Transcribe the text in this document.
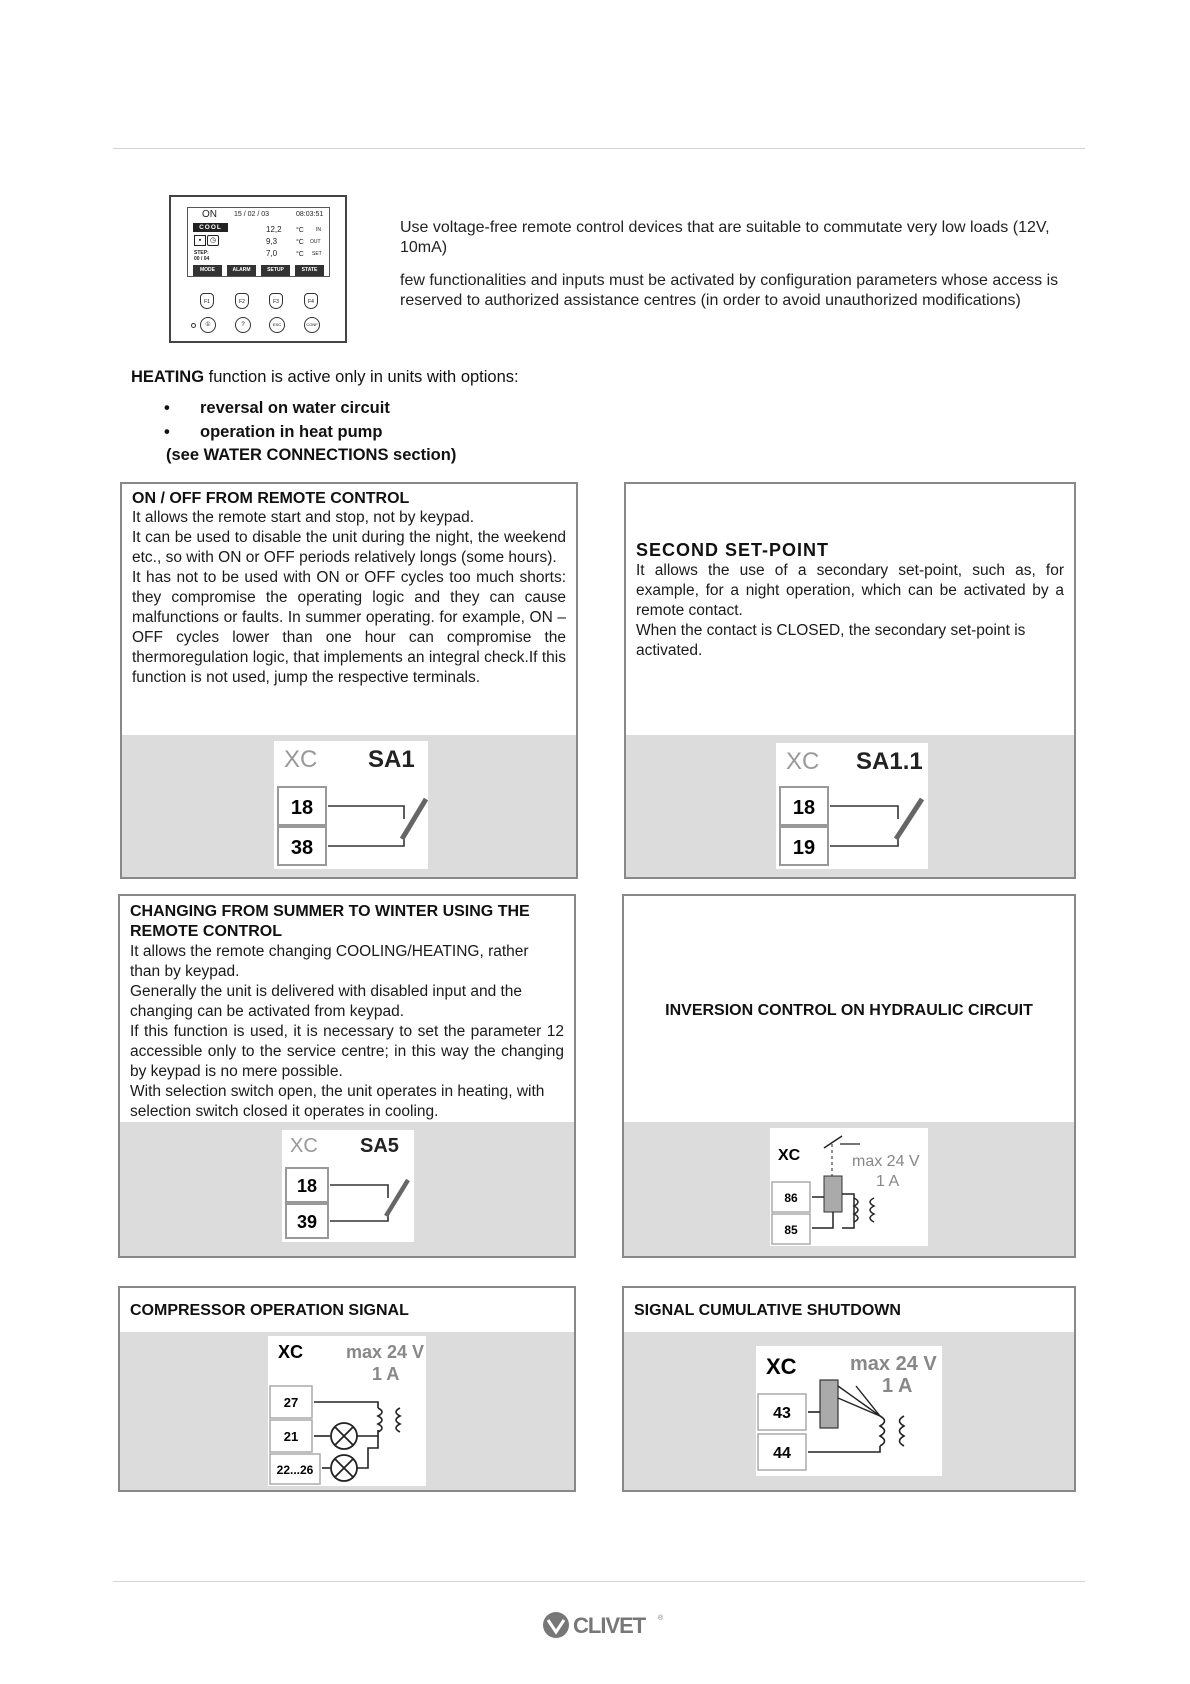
ON 15 / 02 / 03	08:03:51
COOL
▪	◷
12,2 °C IN
9,3	°C OUT
7,0	°C SET
STEP:
00 / 04
MODE	ALARM	SETUP	STATE
F1	F2	F3	F4
①	?	ESC	CONF
Use voltage-free remote control devices that are suitable to commutate very low loads (12V, 10mA)
few functionalities and inputs must be activated by configuration parameters whose access is reserved to authorized assistance centres (in order to avoid unauthorized modifications)
HEATING function is active only in units with options:
• reversal on water circuit
• operation in heat pump
(see WATER CONNECTIONS section)
ON / OFF FROM REMOTE CONTROL
It allows the remote start and stop, not by keypad.
It can be used to disable the unit during the night, the weekend etc., so with ON or OFF periods relatively longs (some hours).
It has not to be used with ON or OFF cycles too much shorts: they compromise the operating logic and they can cause malfunctions or faults. In summer operating. for example, ON –OFF cycles lower than one hour can compromise the thermoregulation logic, that implements an integral check.If this function is not used, jump the respective terminals.
XC SA1
18
38
SECOND SET-POINT
It allows the use of a secondary set-point, such as, for example, for a night operation, which can be activated by a remote contact.
When the contact is CLOSED, the secondary set-point is activated.
XC SA1.1
18
19
CHANGING FROM SUMMER TO WINTER USING THE REMOTE CONTROL
It allows the remote changing COOLING/HEATING, rather than by keypad.
Generally the unit is delivered with disabled input and the changing can be activated from keypad.
If this function is used, it is necessary to set the parameter 12 accessible only to the service centre; in this way the changing by keypad is no mere possible.
With selection switch open, the unit operates in heating, with selection switch closed it operates in cooling.
XC SA5
18
39
INVERSION CONTROL ON HYDRAULIC CIRCUIT
XC	max 24 V
1 A
86
85
COMPRESSOR OPERATION SIGNAL
XC max 24 V
1 A
27
21
22...26
SIGNAL CUMULATIVE SHUTDOWN
XC	max 24 V
1 A
43
44
CLIVET ®
